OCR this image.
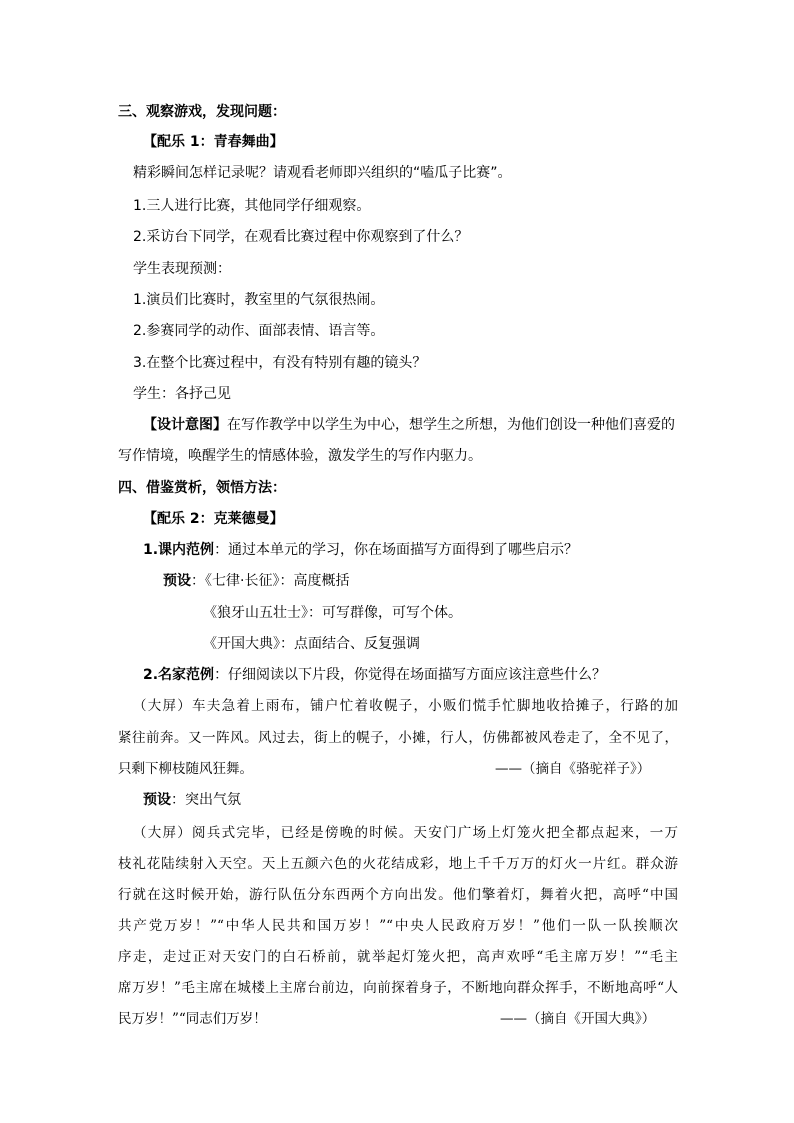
三、观察游戏，发现问题：
【配乐 1：青春舞曲】
精彩瞬间怎样记录呢？请观看老师即兴组织的“嗑瓜子比赛”。
1.三人进行比赛，其他同学仔细观察。
2.采访台下同学，在观看比赛过程中你观察到了什么？
学生表现预测：
1.演员们比赛时，教室里的气氛很热闹。
2.参赛同学的动作、面部表情、语言等。
3.在整个比赛过程中，有没有特别有趣的镜头？
学生：各抒己见
【设计意图】在写作教学中以学生为中心，想学生之所想，为他们创设一种他们喜爱的
写作情境，唤醒学生的情感体验，激发学生的写作内驱力。
四、借鉴赏析，领悟方法：
【配乐 2：克莱德曼】
1.课内范例：通过本单元的学习，你在场面描写方面得到了哪些启示？
预设：《七律·长征》：高度概括
《狼牙山五壮士》：可写群像，可写个体。
《开国大典》：点面结合、反复强调
2.名家范例：仔细阅读以下片段，你觉得在场面描写方面应该注意些什么？
（大屏）车夫急着上雨布，铺户忙着收幌子，小贩们慌手忙脚地收拾摊子，行路的加
紧往前奔。又一阵风。风过去，街上的幌子，小摊，行人，仿佛都被风卷走了，全不见了，
只剩下柳枝随风狂舞。	——（摘自《骆驼祥子》）
预设：突出气氛
（大屏）阅兵式完毕，已经是傍晚的时候。天安门广场上灯笼火把全都点起来，一万
枝礼花陆续射入天空。天上五颜六色的火花结成彩，地上千千万万的灯火一片红。群众游
行就在这时候开始，游行队伍分东西两个方向出发。他们擎着灯，舞着火把，高呼“中国
共产党万岁！”“中华人民共和国万岁！”“中央人民政府万岁！”他们一队一队挨顺次
序走，走过正对天安门的白石桥前，就举起灯笼火把，高声欢呼“毛主席万岁！”“毛主
席万岁！”毛主席在城楼上主席台前边，向前探着身子，不断地向群众挥手，不断地高呼“人
民万岁！”“同志们万岁！	——（摘自《开国大典》）
